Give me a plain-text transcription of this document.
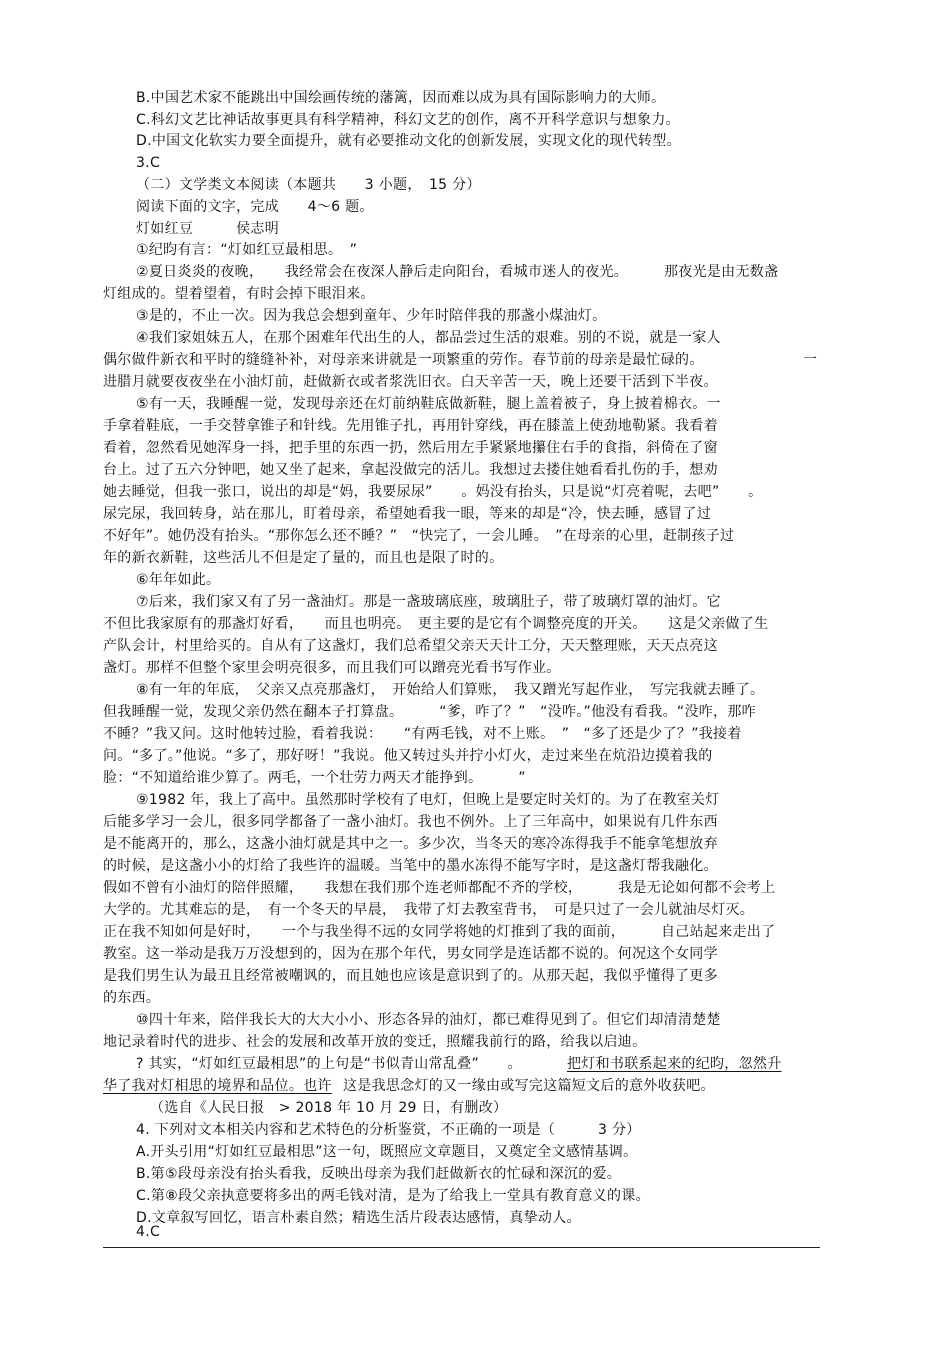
B.中国艺术家不能跳出中国绘画传统的藩篱，因而难以成为具有国际影响力的大师。
C.科幻文艺比神话故事更具有科学精神，科幻文艺的创作，离不开科学意识与想象力。
D.中国文化软实力要全面提升，就有必要推动文化的创新发展，实现文化的现代转型。
3.C
（二）文学类文本阅读（本题共　　3 小题，　15 分）
阅读下面的文字，完成　　4～6 题。
灯如红豆　　　侯志明
①纪昀有言：“灯如红豆最相思。　”
②夏日炎炎的夜晚，　　我经常会在夜深人静后走向阳台，看城市迷人的夜光。　　　那夜光是由无数盏
灯组成的。望着望着，有时会掉下眼泪来。
③是的，不止一次。因为我总会想到童年、少年时陪伴我的那盏小煤油灯。
④我们家姐妹五人，在那个困难年代出生的人，都品尝过生活的艰难。别的不说，就是一家人
偶尔做件新衣和平时的缝缝补补，对母亲来讲就是一项繁重的劳作。春节前的母亲是最忙碌的。	一
进腊月就要夜夜坐在小油灯前，赶做新衣或者浆洗旧衣。白天辛苦一天，晚上还要干活到下半夜。
⑤有一天，我睡醒一觉，发现母亲还在灯前纳鞋底做新鞋，腿上盖着被子，身上披着棉衣。一
手拿着鞋底，一手交替拿锥子和针线。先用锥子扎，再用针穿线，再在膝盖上使劲地勒紧。我看着
看着，忽然看见她浑身一抖，把手里的东西一扔，然后用左手紧紧地攥住右手的食指，斜倚在了窗
台上。过了五六分钟吧，她又坐了起来，拿起没做完的活儿。我想过去搂住她看看扎伤的手，想劝
她去睡觉，但我一张口，说出的却是“妈，我要尿尿”　　。妈没有抬头，只是说“灯亮着呢，去吧”　　。
尿完尿，我回转身，站在那儿，盯着母亲，希望她看我一眼，等来的却是“冷，快去睡，感冒了过
不好年”。她仍没有抬头。“那你怎么还不睡？”　“快完了，一会儿睡。　”在母亲的心里，赶制孩子过
年的新衣新鞋，这些活儿不但是定了量的，而且也是限了时的。
⑥年年如此。
⑦后来，我们家又有了另一盏油灯。那是一盏玻璃底座，玻璃肚子，带了玻璃灯罩的油灯。它
不但比我家原有的那盏灯好看，　　而且也明亮。　更主要的是它有个调整亮度的开关。　　这是父亲做了生
产队会计，村里给买的。自从有了这盏灯，我们总希望父亲天天计工分，天天整理账，天天点亮这
盏灯。那样不但整个家里会明亮很多，而且我们可以蹭亮光看书写作业。
⑧有一年的年底，　父亲又点亮那盏灯，　开始给人们算账，　我又蹭光写起作业，　写完我就去睡了。
但我睡醒一觉，发现父亲仍然在翻本子打算盘。　　　“爹，咋了？”　“没咋。”他没有看我。“没咋，那咋
不睡？”我又问。这时他转过脸，看着我说：　　“有两毛钱，对不上账。　”　“多了还是少了？”我接着
问。“多了。”他说。“多了，那好呀！”我说。他又转过头并拧小灯火，走过来坐在炕沿边摸着我的
脸：“不知道给谁少算了。两毛，一个壮劳力两天才能挣到。　　　”
⑨1982 年，我上了高中。虽然那时学校有了电灯，但晚上是要定时关灯的。为了在教室关灯
后能多学习一会儿，很多同学都备了一盏小油灯。我也不例外。上了三年高中，如果说有几件东西
是不能离开的，那么，这盏小油灯就是其中之一。多少次，当冬天的寒冷冻得我手不能拿笔想放弃
的时候，是这盏小小的灯给了我些许的温暖。当笔中的墨水冻得不能写字时，是这盏灯帮我融化。
假如不曾有小油灯的陪伴照耀，　　我想在我们那个连老师都配不齐的学校，　　　我是无论如何都不会考上
大学的。尤其难忘的是，　有一个冬天的早晨，　我带了灯去教室背书，　可是只过了一会儿就油尽灯灭。
正在我不知如何是好时，　　一个与我坐得不远的女同学将她的灯推到了我的面前，　　　自己站起来走出了
教室。这一举动是我万万没想到的，因为在那个年代，男女同学是连话都不说的。何况这个女同学
是我们男生认为最丑且经常被嘲讽的，而且她也应该是意识到了的。从那天起，我似乎懂得了更多
的东西。
⑩四十年来，陪伴我长大的大大小小、形态各异的油灯，都已难得见到了。但它们却清清楚楚
地记录着时代的进步、社会的发展和改革开放的变迁，照耀我前行的路，给我以启迪。
? 其实，“灯如红豆最相思”的上句是“书似青山常乱叠”　　。	把灯和书联系起来的纪昀，忽然升
华了我对灯相思的境界和品位。也许 这是我思念灯的又一缘由或写完这篇短文后的意外收获吧。
（选自《人民日报　> 2018 年 10 月 29 日，有删改）
4. 下列对文本相关内容和艺术特色的分析鉴赏，不正确的一项是（　　　3 分）
A.开头引用“灯如红豆最相思”这一句，既照应文章题目，又奠定全文感情基调。
B.第⑤段母亲没有抬头看我，反映出母亲为我们赶做新衣的忙碌和深沉的爱。
C.第⑧段父亲执意要将多出的两毛钱对清，是为了给我上一堂具有教育意义的课。
D.文章叙写回忆，语言朴素自然；精选生活片段表达感情，真挚动人。
4.C
